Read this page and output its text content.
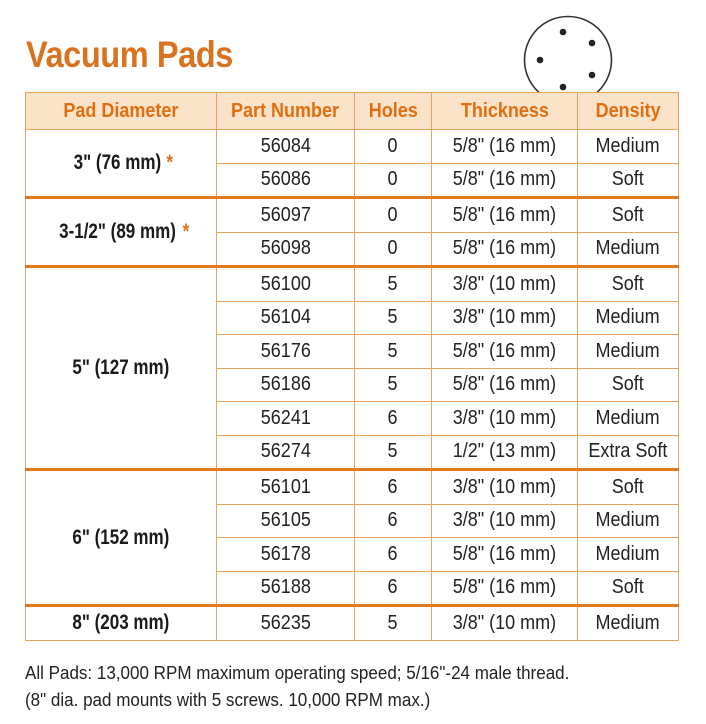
Vacuum Pads
Pad Diameter	Part Number	Holes	Thickness	Density
3" (76 mm) *	56084	0	5/8" (16 mm)	Medium
	56086	0	5/8" (16 mm)	Soft
3-1/2" (89 mm) *	56097	0	5/8" (16 mm)	Soft
	56098	0	5/8" (16 mm)	Medium
5" (127 mm)	56100	5	3/8" (10 mm)	Soft
	56104	5	3/8" (10 mm)	Medium
	56176	5	5/8" (16 mm)	Medium
	56186	5	5/8" (16 mm)	Soft
	56241	6	3/8" (10 mm)	Medium
	56274	5	1/2" (13 mm)	Extra Soft
6" (152 mm)	56101	6	3/8" (10 mm)	Soft
	56105	6	3/8" (10 mm)	Medium
	56178	6	5/8" (16 mm)	Medium
	56188	6	5/8" (16 mm)	Soft
8" (203 mm)	56235	5	3/8" (10 mm)	Medium
All Pads: 13,000 RPM maximum operating speed; 5/16"-24 male thread.
(8" dia. pad mounts with 5 screws. 10,000 RPM max.)
